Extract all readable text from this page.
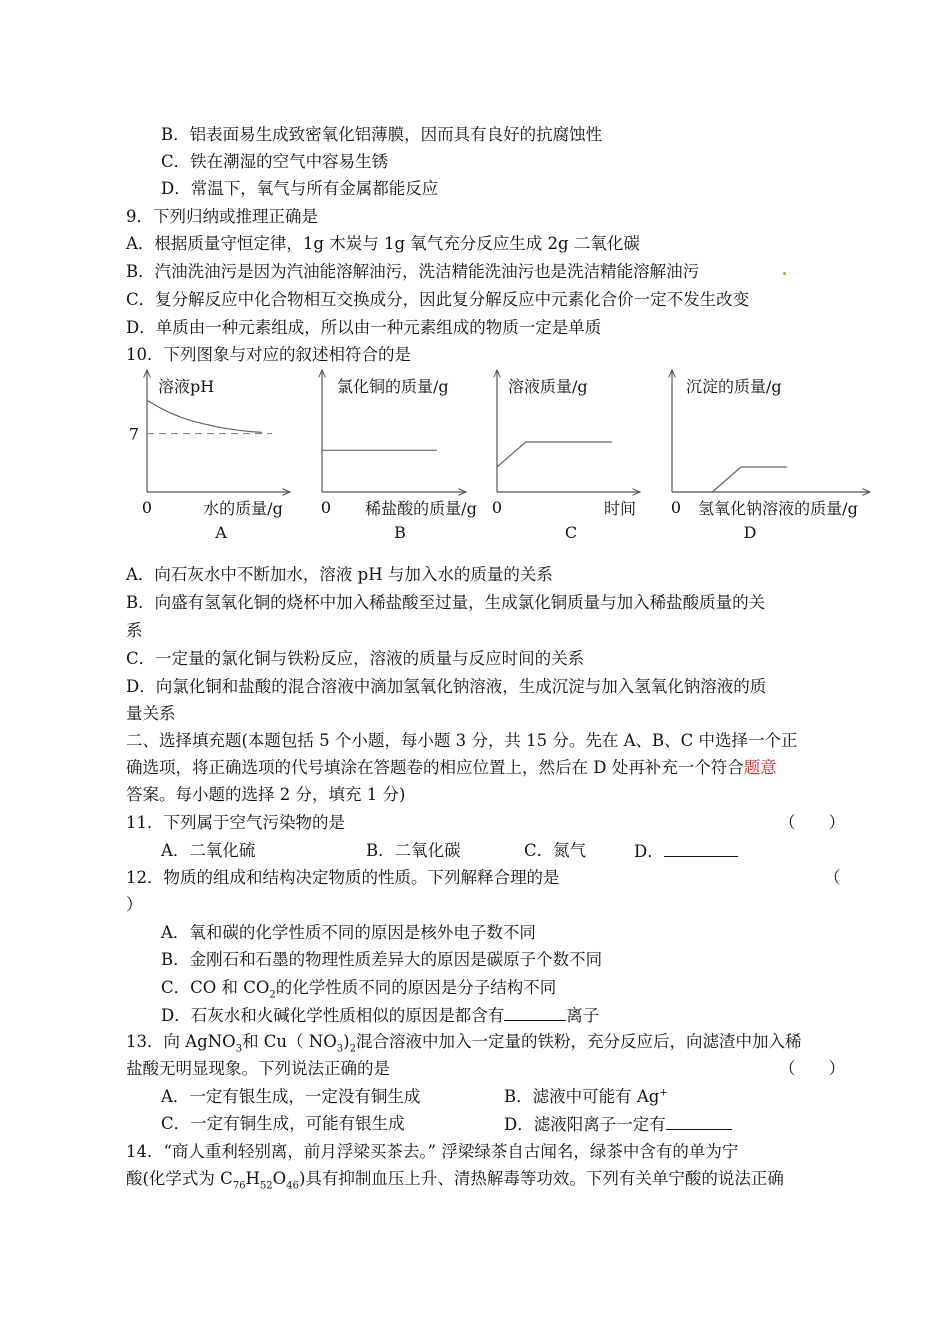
B．铝表面易生成致密氧化铝薄膜，因而具有良好的抗腐蚀性
C．铁在潮湿的空气中容易生锈
D．常温下，氧气与所有金属都能反应
9．下列归纳或推理正确是
A．根据质量守恒定律，1g 木炭与 1g 氧气充分反应生成 2g 二氧化碳
B．汽油洗油污是因为汽油能溶解油污，洗洁精能洗油污也是洗洁精能溶解油污
C．复分解反应中化合物相互交换成分，因此复分解反应中元素化合价一定不发生改变
D．单质由一种元素组成，所以由一种元素组成的物质一定是单质
10．下列图象与对应的叙述相符合的是
溶液pH
水的质量/g
0
A
7
氯化铜的质量/g
稀盐酸的质量/g
0
B
溶液质量/g
时间
0
C
沉淀的质量/g
氢氧化钠溶液的质量/g
0
D
A．向石灰水中不断加水，溶液 pH 与加入水的质量的关系
B．向盛有氢氧化铜的烧杯中加入稀盐酸至过量，生成氯化铜质量与加入稀盐酸质量的关
系
C．一定量的氯化铜与铁粉反应，溶液的质量与反应时间的关系
D．向氯化铜和盐酸的混合溶液中滴加氢氧化钠溶液，生成沉淀与加入氢氧化钠溶液的质
量关系
二、选择填充题(本题包括 5 个小题，每小题 3 分，共 15 分。先在 A、B、C 中选择一个正
确选项，将正确选项的代号填涂在答题卷的相应位置上，然后在 D 处再补充一个符合题意
答案。每小题的选择 2 分，填充 1 分)
11．下列属于空气污染物的是	（　　）
A．二氧化硫	B．二氧化碳	C．氮气	D．
12．物质的组成和结构决定物质的性质。下列解释合理的是	（
）
A．氧和碳的化学性质不同的原因是核外电子数不同
B．金刚石和石墨的物理性质差异大的原因是碳原子个数不同
C．CO 和 $CO_2$的化学性质不同的原因是分子结构不同
D．石灰水和火碱化学性质相似的原因是都含有	离子
13．向 AgNO$_3$和 Cu（ $NO_3)_2$混合溶液中加入一定量的铁粉，充分反应后，向滤渣中加入稀
盐酸无明显现象。下列说法正确的是	（　　）
A．一定有银生成，一定没有铜生成	B．滤液中可能有 Ag+
C．一定有铜生成，可能有银生成	D．滤液阳离子一定有
14．“商人重利轻别离，前月浮梁买茶去。” 浮梁绿茶自古闻名，绿茶中含有的单为宁
酸(化学式为 $C_{76}H_{52}O_{46}$)具有抑制血压上升、清热解毒等功效。下列有关单宁酸的说法正确
